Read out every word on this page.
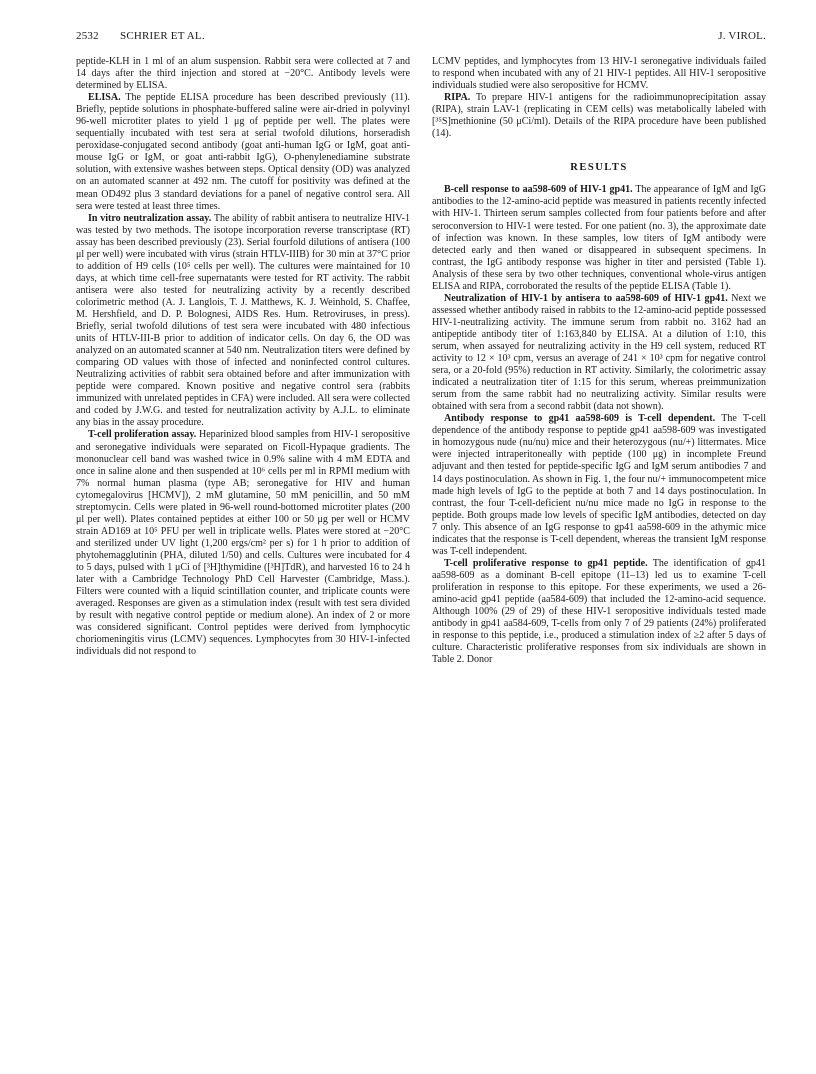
2532 SCHRIER ET AL.	J. VIROL.

peptide-KLH in 1 ml of an alum suspension. Rabbit sera were collected at 7 and 14 days after the third injection and stored at −20°C. Antibody levels were determined by ELISA.

ELISA. The peptide ELISA procedure has been described previously (11). Briefly, peptide solutions in phosphate-buffered saline were air-dried in polyvinyl 96-well microtiter plates to yield 1 μg of peptide per well. The plates were sequentially incubated with test sera at serial twofold dilutions, horseradish peroxidase-conjugated second antibody (goat anti-human IgG or IgM, goat anti-mouse IgG or IgM, or goat anti-rabbit IgG), O-phenylenediamine substrate solution, with extensive washes between steps. Optical density (OD) was analyzed on an automated scanner at 492 nm. The cutoff for positivity was defined at the mean OD492 plus 3 standard deviations for a panel of negative control sera. All sera were tested at least three times.

In vitro neutralization assay. The ability of rabbit antisera to neutralize HIV-1 was tested by two methods. The isotope incorporation reverse transcriptase (RT) assay has been described previously (23). Serial fourfold dilutions of antisera (100 μl per well) were incubated with virus (strain HTLV-IIIB) for 30 min at 37°C prior to addition of H9 cells (10⁵ cells per well). The cultures were maintained for 10 days, at which time cell-free supernatants were tested for RT activity. The rabbit antisera were also tested for neutralizing activity by a recently described colorimetric method (A. J. Langlois, T. J. Matthews, K. J. Weinhold, S. Chaffee, M. Hershfield, and D. P. Bolognesi, AIDS Res. Hum. Retroviruses, in press). Briefly, serial twofold dilutions of test sera were incubated with 480 infectious units of HTLV-III-B prior to addition of indicator cells. On day 6, the OD was analyzed on an automated scanner at 540 nm. Neutralization titers were defined by comparing OD values with those of infected and noninfected control cultures. Neutralizing activities of rabbit sera obtained before and after immunization with peptide were compared. Known positive and negative control sera (rabbits immunized with unrelated peptides in CFA) were included. All sera were collected and coded by J.W.G. and tested for neutralization activity by A.J.L. to eliminate any bias in the assay procedure.

T-cell proliferation assay. Heparinized blood samples from HIV-1 seropositive and seronegative individuals were separated on Ficoll-Hypaque gradients. The mononuclear cell band was washed twice in 0.9% saline with 4 mM EDTA and once in saline alone and then suspended at 10⁶ cells per ml in RPMI medium with 7% normal human plasma (type AB; seronegative for HIV and human cytomegalovirus [HCMV]), 2 mM glutamine, 50 mM penicillin, and 50 mM streptomycin. Cells were plated in 96-well round-bottomed microtiter plates (200 μl per well). Plates contained peptides at either 100 or 50 μg per well or HCMV strain AD169 at 10⁵ PFU per well in triplicate wells. Plates were stored at −20°C and sterilized under UV light (1,200 ergs/cm² per s) for 1 h prior to addition of phytohemagglutinin (PHA, diluted 1/50) and cells. Cultures were incubated for 4 to 5 days, pulsed with 1 μCi of [³H]thymidine ([³H]TdR), and harvested 16 to 24 h later with a Cambridge Technology PhD Cell Harvester (Cambridge, Mass.). Filters were counted with a liquid scintillation counter, and triplicate counts were averaged. Responses are given as a stimulation index (result with test sera divided by result with negative control peptide or medium alone). An index of 2 or more was considered significant. Control peptides were derived from lymphocytic choriomeningitis virus (LCMV) sequences. Lymphocytes from 30 HIV-1-infected individuals did not respond to

LCMV peptides, and lymphocytes from 13 HIV-1 seronegative individuals failed to respond when incubated with any of 21 HIV-1 peptides. All HIV-1 seropositive individuals studied were also seropositive for HCMV.

RIPA. To prepare HIV-1 antigens for the radioimmunoprecipitation assay (RIPA), strain LAV-1 (replicating in CEM cells) was metabolically labeled with [³⁵S]methionine (50 μCi/ml). Details of the RIPA procedure have been published (14).

RESULTS

B-cell response to aa598-609 of HIV-1 gp41. The appearance of IgM and IgG antibodies to the 12-amino-acid peptide was measured in patients recently infected with HIV-1. Thirteen serum samples collected from four patients before and after seroconversion to HIV-1 were tested. For one patient (no. 3), the approximate date of infection was known. In these samples, low titers of IgM antibody were detected early and then waned or disappeared in subsequent specimens. In contrast, the IgG antibody response was higher in titer and persisted (Table 1). Analysis of these sera by two other techniques, conventional whole-virus antigen ELISA and RIPA, corroborated the results of the peptide ELISA (Table 1).

Neutralization of HIV-1 by antisera to aa598-609 of HIV-1 gp41. Next we assessed whether antibody raised in rabbits to the 12-amino-acid peptide possessed HIV-1-neutralizing activity. The immune serum from rabbit no. 3162 had an antipeptide antibody titer of 1:163,840 by ELISA. At a dilution of 1:10, this serum, when assayed for neutralizing activity in the H9 cell system, reduced RT activity to 12 × 10³ cpm, versus an average of 241 × 10³ cpm for negative control sera, or a 20-fold (95%) reduction in RT activity. Similarly, the colorimetric assay indicated a neutralization titer of 1:15 for this serum, whereas preimmunization serum from the same rabbit had no neutralizing activity. Similar results were obtained with sera from a second rabbit (data not shown).

Antibody response to gp41 aa598-609 is T-cell dependent. The T-cell dependence of the antibody response to peptide gp41 aa598-609 was investigated in homozygous nude (nu/nu) mice and their heterozygous (nu/+) littermates. Mice were injected intraperitoneally with peptide (100 μg) in incomplete Freund adjuvant and then tested for peptide-specific IgG and IgM serum antibodies 7 and 14 days postinoculation. As shown in Fig. 1, the four nu/+ immunocompetent mice made high levels of IgG to the peptide at both 7 and 14 days postinoculation. In contrast, the four T-cell-deficient nu/nu mice made no IgG in response to the peptide. Both groups made low levels of specific IgM antibodies, detected on day 7 only. This absence of an IgG response to gp41 aa598-609 in the athymic mice indicates that the response is T-cell dependent, whereas the transient IgM response was T-cell independent.

T-cell proliferative response to gp41 peptide. The identification of gp41 aa598-609 as a dominant B-cell epitope (11–13) led us to examine T-cell proliferation in response to this epitope. For these experiments, we used a 26-amino-acid gp41 peptide (aa584-609) that included the 12-amino-acid sequence. Although 100% (29 of 29) of these HIV-1 seropositive individuals tested made antibody in gp41 aa584-609, T-cells from only 7 of 29 patients (24%) proliferated in response to this peptide, i.e., produced a stimulation index of ≥2 after 5 days of culture. Characteristic proliferative responses from six individuals are shown in Table 2. Donor
